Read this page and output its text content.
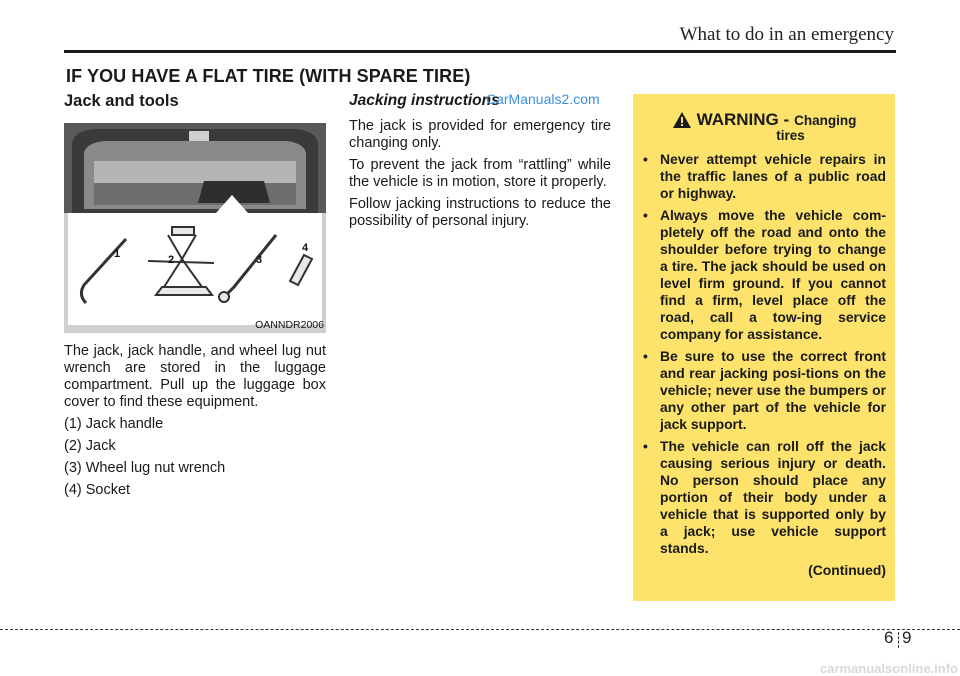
What to do in an emergency
IF YOU HAVE A FLAT TIRE (WITH SPARE TIRE)
Jack and tools
1	2	3
4
OANNDR2006

The jack, jack handle, and wheel lug nut wrench are stored in the luggage compartment. Pull up the luggage box cover to find these equipment.

(1) Jack handle
(2) Jack
(3) Wheel lug nut wrench
(4) Socket
Jacking instructions
CarManuals2.com

The jack is provided for emergency tire changing only.

To prevent the jack from “rattling” while the vehicle is in motion, store it properly.

Follow jacking instructions to reduce the possibility of personal injury.

WARNING - Changing
tires
• Never attempt vehicle repairs in the traffic lanes of a public road or highway.
• Always move the vehicle com-pletely off the road and onto the shoulder before trying to change a tire. The jack should be used on level firm ground. If you cannot find a firm, level place off the road, call a tow-ing service company for assistance.
• Be sure to use the correct front and rear jacking posi-tions on the vehicle; never use the bumpers or any other part of the vehicle for jack support.
• The vehicle can roll off the jack causing serious injury or death. No person should place any portion of their body under a vehicle that is supported only by a jack; use vehicle support stands.
(Continued)
6 9
carmanualsonline.info
